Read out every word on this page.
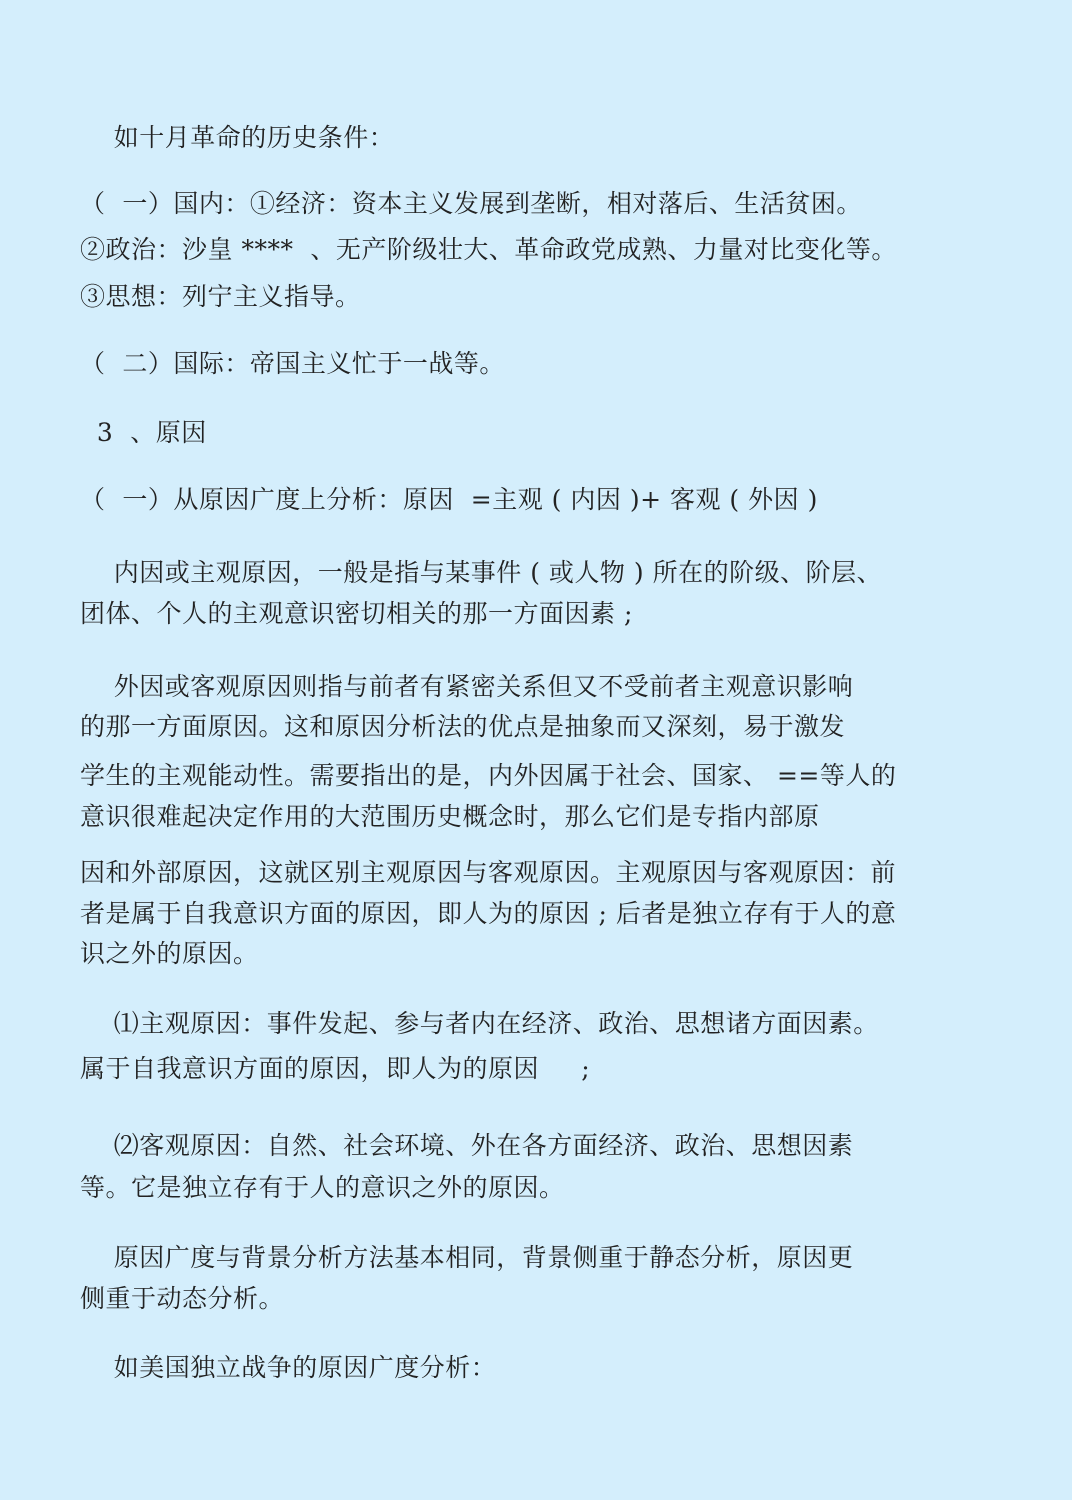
如十月革命的历史条件：
（  一）国内：①经济：资本主义发展到垄断，相对落后、生活贫困。
②政治：沙皇 ****  、无产阶级壮大、革命政党成熟、力量对比变化等。
③思想：列宁主义指导。
（  二）国际：帝国主义忙于一战等。
3  、原因
（  一）从原因广度上分析：原因  =主观 ( 内因 )+ 客观 ( 外因 )
内因或主观原因，一般是指与某事件 ( 或人物 ) 所在的阶级、阶层、
团体、个人的主观意识密切相关的那一方面因素 ;
外因或客观原因则指与前者有紧密关系但又不受前者主观意识影响
的那一方面原因。这和原因分析法的优点是抽象而又深刻，易于激发
学生的主观能动性。需要指出的是，内外因属于社会、国家、 ==等人的
意识很难起决定作用的大范围历史概念时，那么它们是专指内部原
因和外部原因，这就区别主观原因与客观原因。主观原因与客观原因：前
者是属于自我意识方面的原因，即人为的原因 ; 后者是独立存有于人的意
识之外的原因。
⑴主观原因：事件发起、参与者内在经济、政治、思想诸方面因素。
属于自我意识方面的原因，即人为的原因     ;
⑵客观原因：自然、社会环境、外在各方面经济、政治、思想因素
等。它是独立存有于人的意识之外的原因。
原因广度与背景分析方法基本相同，背景侧重于静态分析，原因更
侧重于动态分析。
如美国独立战争的原因广度分析：
